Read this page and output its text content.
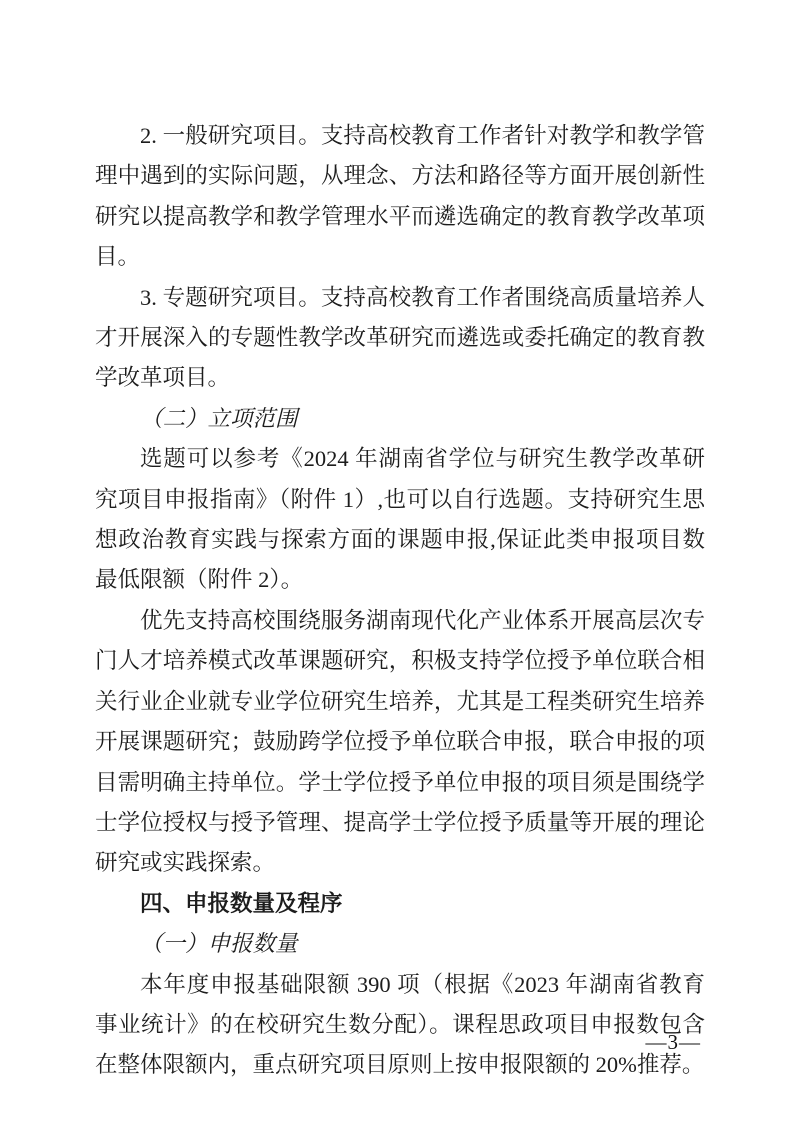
2. 一般研究项目。支持高校教育工作者针对教学和教学管理中遇到的实际问题，从理念、方法和路径等方面开展创新性研究以提高教学和教学管理水平而遴选确定的教育教学改革项目。

3. 专题研究项目。支持高校教育工作者围绕高质量培养人才开展深入的专题性教学改革研究而遴选或委托确定的教育教学改革项目。

（二）立项范围

选题可以参考《2024 年湖南省学位与研究生教学改革研究项目申报指南》（附件 1）,也可以自行选题。支持研究生思想政治教育实践与探索方面的课题申报,保证此类申报项目数最低限额（附件 2）。

优先支持高校围绕服务湖南现代化产业体系开展高层次专门人才培养模式改革课题研究，积极支持学位授予单位联合相关行业企业就专业学位研究生培养，尤其是工程类研究生培养开展课题研究；鼓励跨学位授予单位联合申报，联合申报的项目需明确主持单位。学士学位授予单位申报的项目须是围绕学士学位授权与授予管理、提高学士学位授予质量等开展的理论研究或实践探索。

四、申报数量及程序

（一）申报数量

本年度申报基础限额 390 项（根据《2023 年湖南省教育事业统计》的在校研究生数分配）。课程思政项目申报数包含在整体限额内，重点研究项目原则上按申报限额的 20%推荐。

—3—
